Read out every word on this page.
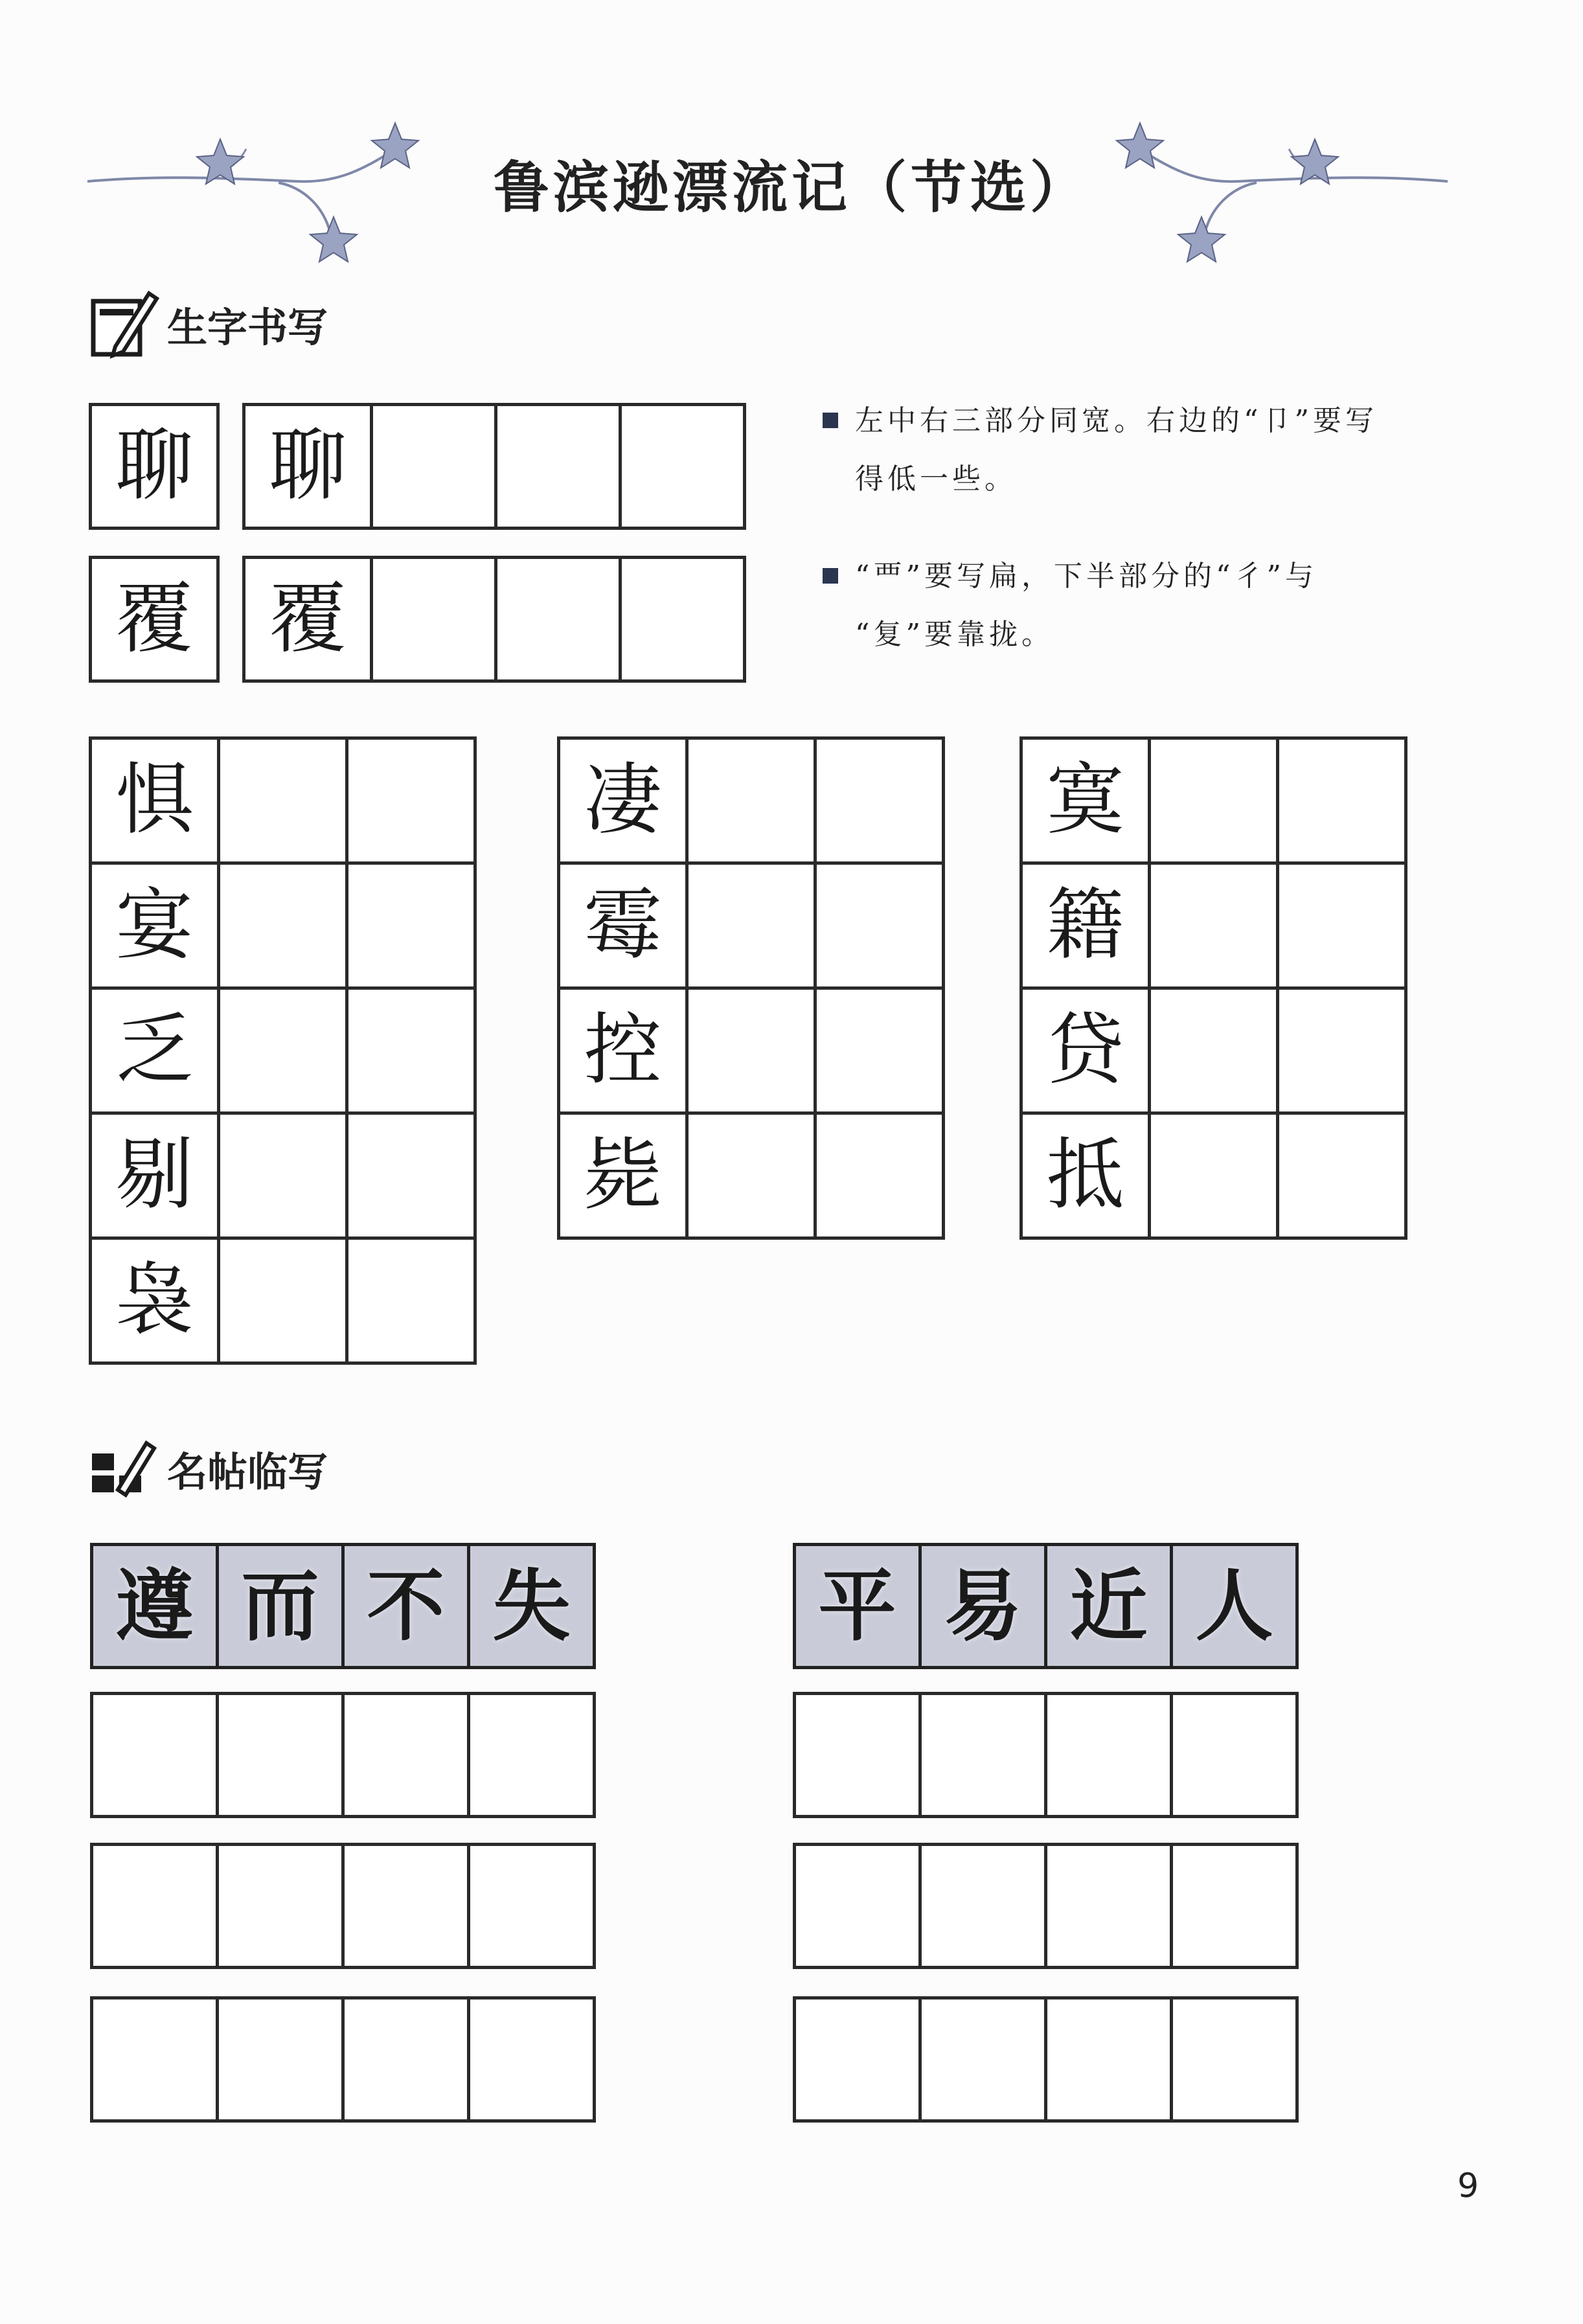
鲁滨逊漂流记（节选）
生字书写
聊 聊
覆 覆
左中右三部分同宽。右边的“卩”要写
得低一些。
“覀”要写扁，下半部分的“彳”与
“复”要靠拢。
惧
宴
乏
剔
袅
凄
霉
控
毙
寞
籍
贷
抵
名帖临写
遵 而 不 失	平 易 近 人
9
